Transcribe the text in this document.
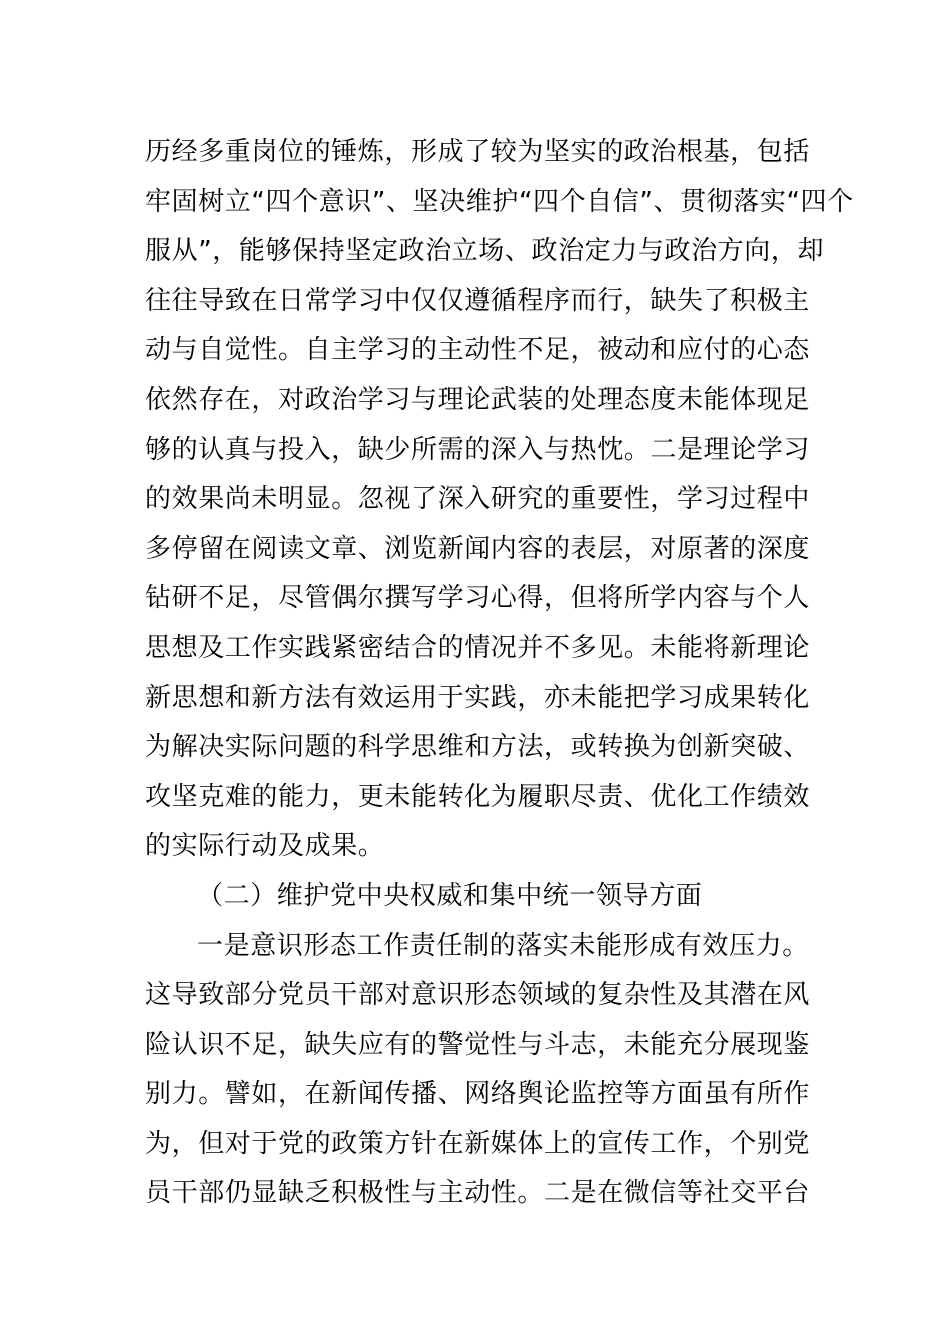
历经多重岗位的锤炼，形成了较为坚实的政治根基，包括
牢固树立“四个意识”、坚决维护“四个自信”、贯彻落实“四个
服从”，能够保持坚定政治立场、政治定力与政治方向，却
往往导致在日常学习中仅仅遵循程序而行，缺失了积极主
动与自觉性。自主学习的主动性不足，被动和应付的心态
依然存在，对政治学习与理论武装的处理态度未能体现足
够的认真与投入，缺少所需的深入与热忱。二是理论学习
的效果尚未明显。忽视了深入研究的重要性，学习过程中
多停留在阅读文章、浏览新闻内容的表层，对原著的深度
钻研不足，尽管偶尔撰写学习心得，但将所学内容与个人
思想及工作实践紧密结合的情况并不多见。未能将新理论
新思想和新方法有效运用于实践，亦未能把学习成果转化
为解决实际问题的科学思维和方法，或转换为创新突破、
攻坚克难的能力，更未能转化为履职尽责、优化工作绩效
的实际行动及成果。
（二）维护党中央权威和集中统一领导方面
一是意识形态工作责任制的落实未能形成有效压力。
这导致部分党员干部对意识形态领域的复杂性及其潜在风
险认识不足，缺失应有的警觉性与斗志，未能充分展现鉴
别力。譬如，在新闻传播、网络舆论监控等方面虽有所作
为，但对于党的政策方针在新媒体上的宣传工作，个别党
员干部仍显缺乏积极性与主动性。二是在微信等社交平台
